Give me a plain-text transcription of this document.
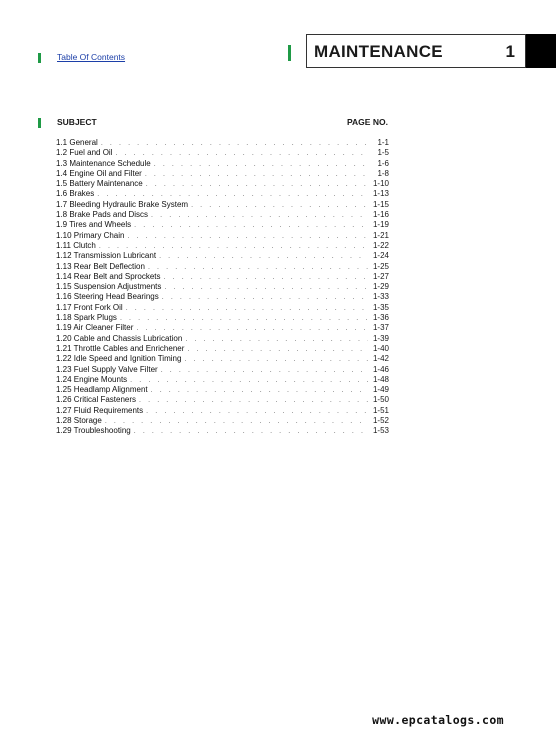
Table Of Contents	MAINTENANCE	1
SUBJECT	PAGE NO.
1.1 General . . .	1-1
1.2 Fuel and Oil . . .	1-5
1.3 Maintenance Schedule . . .	1-6
1.4 Engine Oil and Filter . . .	1-8
1.5 Battery Maintenance . . .	1-10
1.6 Brakes . . .	1-13
1.7 Bleeding Hydraulic Brake System . . .	1-15
1.8 Brake Pads and Discs . . .	1-16
1.9 Tires and Wheels . . .	1-19
1.10 Primary Chain . . .	1-21
1.11 Clutch . . .	1-22
1.12 Transmission Lubricant . . .	1-24
1.13 Rear Belt Deflection . . .	1-25
1.14 Rear Belt and Sprockets . . .	1-27
1.15 Suspension Adjustments . . .	1-29
1.16 Steering Head Bearings . . .	1-33
1.17 Front Fork Oil . . .	1-35
1.18 Spark Plugs . . .	1-36
1.19 Air Cleaner Filter . . .	1-37
1.20 Cable and Chassis Lubrication . . .	1-39
1.21 Throttle Cables and Enrichener . . .	1-40
1.22 Idle Speed and Ignition Timing . . .	1-42
1.23 Fuel Supply Valve Filter . . .	1-46
1.24 Engine Mounts . . .	1-48
1.25 Headlamp Alignment . . .	1-49
1.26 Critical Fasteners . . .	1-50
1.27 Fluid Requirements . . .	1-51
1.28 Storage . . .	1-52
1.29 Troubleshooting . . .	1-53
www.epcatalogs.com
